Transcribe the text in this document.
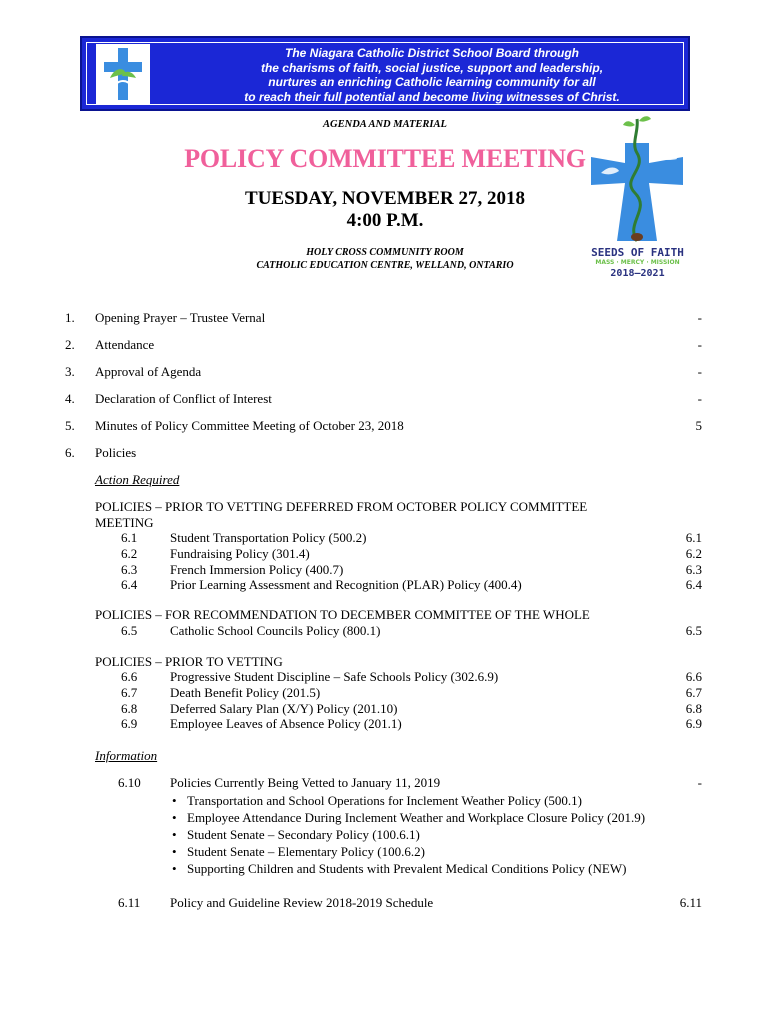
The Niagara Catholic District School Board through
the charisms of faith, social justice, support and leadership,
nurtures an enriching Catholic learning community for all
to reach their full potential and become living witnesses of Christ.
AGENDA AND MATERIAL
POLICY COMMITTEE MEETING
TUESDAY, NOVEMBER 27, 2018
4:00 P.M.
HOLY CROSS COMMUNITY ROOM
CATHOLIC EDUCATION CENTRE, WELLAND, ONTARIO
SEEDS OF FAITH
MASS · MERCY · MISSION
2018–2021
1. Opening Prayer – Trustee Vernal	-
2. Attendance	-
3. Approval of Agenda	-
4. Declaration of Conflict of Interest	-
5. Minutes of Policy Committee Meeting of October 23, 2018	5
6. Policies
Action Required
POLICIES – PRIOR TO VETTING DEFERRED FROM OCTOBER POLICY COMMITTEE
MEETING
6.1	Student Transportation Policy (500.2)	6.1
6.2	Fundraising Policy (301.4)	6.2
6.3	French Immersion Policy (400.7)	6.3
6.4	Prior Learning Assessment and Recognition (PLAR) Policy (400.4)	6.4
POLICIES – FOR RECOMMENDATION TO DECEMBER COMMITTEE OF THE WHOLE
6.5	Catholic School Councils Policy (800.1)	6.5
POLICIES – PRIOR TO VETTING
6.6	Progressive Student Discipline – Safe Schools Policy (302.6.9)	6.6
6.7	Death Benefit Policy (201.5)	6.7
6.8	Deferred Salary Plan (X/Y) Policy (201.10)	6.8
6.9	Employee Leaves of Absence Policy (201.1)	6.9
Information
6.10 Policies Currently Being Vetted to January 11, 2019	-
• Transportation and School Operations for Inclement Weather Policy (500.1)
• Employee Attendance During Inclement Weather and Workplace Closure Policy (201.9)
• Student Senate – Secondary Policy (100.6.1)
• Student Senate – Elementary Policy (100.6.2)
• Supporting Children and Students with Prevalent Medical Conditions Policy (NEW)
6.11 Policy and Guideline Review 2018-2019 Schedule	6.11
